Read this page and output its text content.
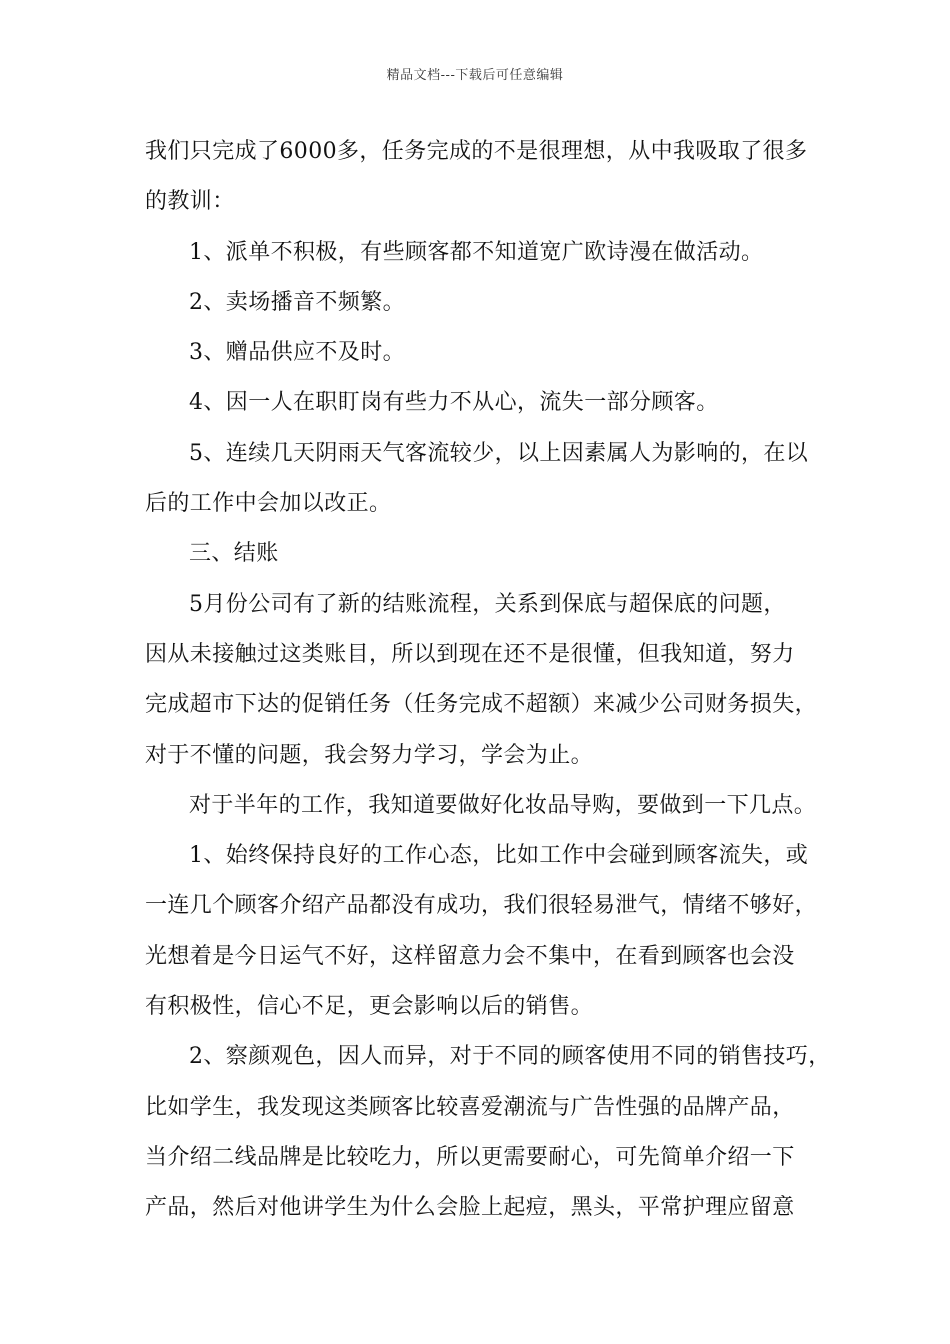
精品文档---下载后可任意编辑
我们只完成了6000多，任务完成的不是很理想，从中我吸取了很多
的教训：
1、派单不积极，有些顾客都不知道宽广欧诗漫在做活动。
2、卖场播音不频繁。
3、赠品供应不及时。
4、因一人在职盯岗有些力不从心，流失一部分顾客。
5、连续几天阴雨天气客流较少，以上因素属人为影响的，在以
后的工作中会加以改正。
三、结账
5月份公司有了新的结账流程，关系到保底与超保底的问题，
因从未接触过这类账目，所以到现在还不是很懂，但我知道，努力
完成超市下达的促销任务（任务完成不超额）来减少公司财务损失，
对于不懂的问题，我会努力学习，学会为止。
对于半年的工作，我知道要做好化妆品导购，要做到一下几点。
1、始终保持良好的工作心态，比如工作中会碰到顾客流失，或
一连几个顾客介绍产品都没有成功，我们很轻易泄气，情绪不够好，
光想着是今日运气不好，这样留意力会不集中，在看到顾客也会没
有积极性，信心不足，更会影响以后的销售。
2、察颜观色，因人而异，对于不同的顾客使用不同的销售技巧，
比如学生，我发现这类顾客比较喜爱潮流与广告性强的品牌产品，
当介绍二线品牌是比较吃力，所以更需要耐心，可先简单介绍一下
产品，然后对他讲学生为什么会脸上起痘，黑头，平常护理应留意
